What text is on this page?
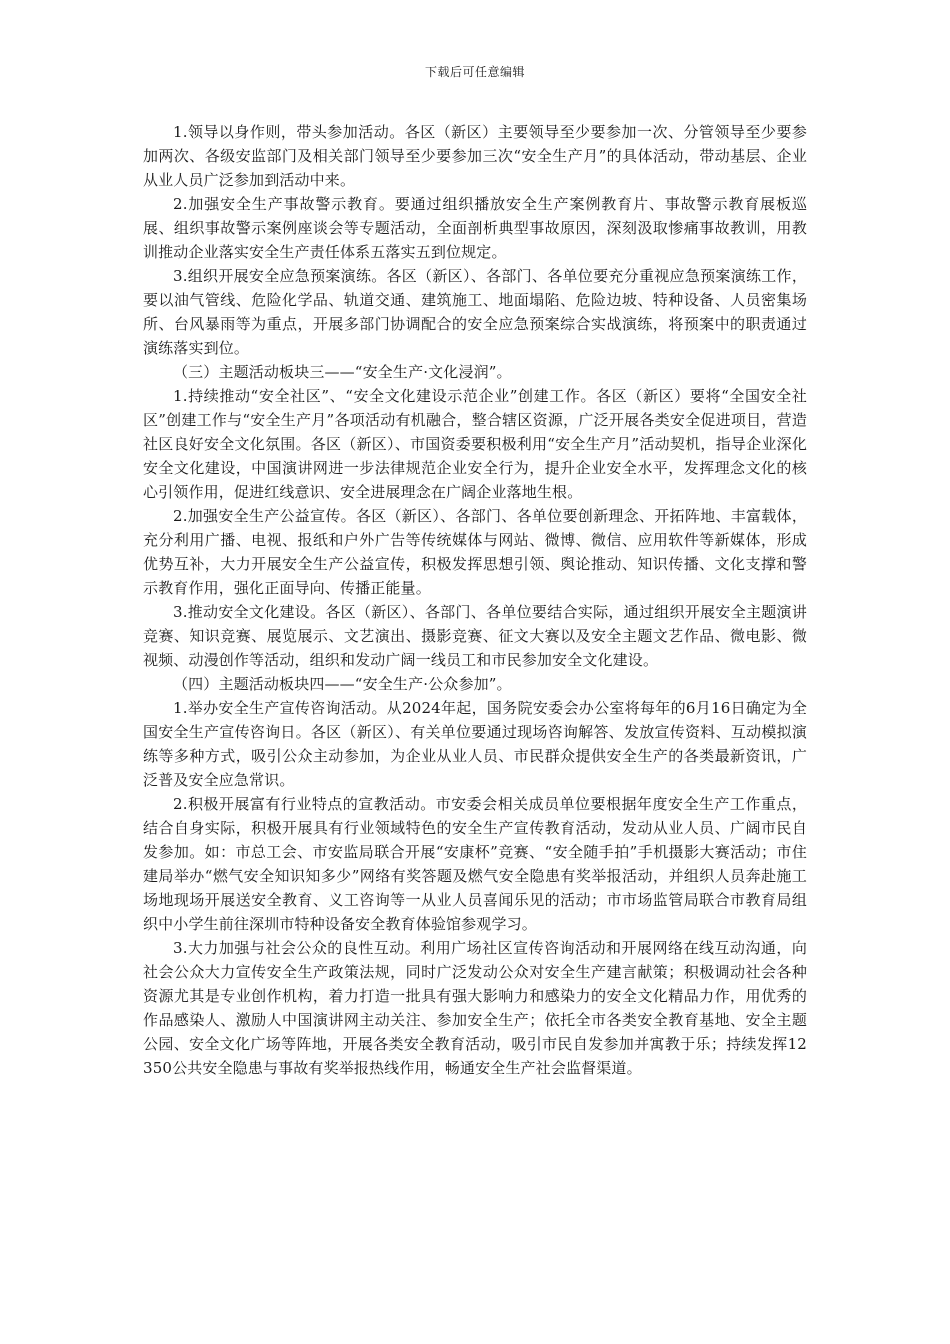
下载后可任意编辑

1.领导以身作则，带头参加活动。各区（新区）主要领导至少要参加一次、分管领导至少要参加两次、各级安监部门及相关部门领导至少要参加三次“安全生产月”的具体活动，带动基层、企业从业人员广泛参加到活动中来。

2.加强安全生产事故警示教育。要通过组织播放安全生产案例教育片、事故警示教育展板巡展、组织事故警示案例座谈会等专题活动，全面剖析典型事故原因，深刻汲取惨痛事故教训，用教训推动企业落实安全生产责任体系五落实五到位规定。

3.组织开展安全应急预案演练。各区（新区）、各部门、各单位要充分重视应急预案演练工作，要以油气管线、危险化学品、轨道交通、建筑施工、地面塌陷、危险边坡、特种设备、人员密集场所、台风暴雨等为重点，开展多部门协调配合的安全应急预案综合实战演练，将预案中的职责通过演练落实到位。

（三）主题活动板块三——“安全生产·文化浸润”。

1.持续推动“安全社区”、“安全文化建设示范企业”创建工作。各区（新区）要将“全国安全社区”创建工作与“安全生产月”各项活动有机融合，整合辖区资源，广泛开展各类安全促进项目，营造社区良好安全文化氛围。各区（新区）、市国资委要积极利用“安全生产月”活动契机，指导企业深化安全文化建设，中国演讲网进一步法律规范企业安全行为，提升企业安全水平，发挥理念文化的核心引领作用，促进红线意识、安全进展理念在广阔企业落地生根。

2.加强安全生产公益宣传。各区（新区）、各部门、各单位要创新理念、开拓阵地、丰富载体，充分利用广播、电视、报纸和户外广告等传统媒体与网站、微博、微信、应用软件等新媒体，形成优势互补，大力开展安全生产公益宣传，积极发挥思想引领、舆论推动、知识传播、文化支撑和警示教育作用，强化正面导向、传播正能量。

3.推动安全文化建设。各区（新区）、各部门、各单位要结合实际，通过组织开展安全主题演讲竞赛、知识竞赛、展览展示、文艺演出、摄影竞赛、征文大赛以及安全主题文艺作品、微电影、微视频、动漫创作等活动，组织和发动广阔一线员工和市民参加安全文化建设。

（四）主题活动板块四——“安全生产·公众参加”。

1.举办安全生产宣传咨询活动。从2024年起，国务院安委会办公室将每年的6月16日确定为全国安全生产宣传咨询日。各区（新区）、有关单位要通过现场咨询解答、发放宣传资料、互动模拟演练等多种方式，吸引公众主动参加，为企业从业人员、市民群众提供安全生产的各类最新资讯，广泛普及安全应急常识。

2.积极开展富有行业特点的宣教活动。市安委会相关成员单位要根据年度安全生产工作重点，结合自身实际，积极开展具有行业领域特色的安全生产宣传教育活动，发动从业人员、广阔市民自发参加。如：市总工会、市安监局联合开展“安康杯”竞赛、“安全随手拍”手机摄影大赛活动；市住建局举办“燃气安全知识知多少”网络有奖答题及燃气安全隐患有奖举报活动，并组织人员奔赴施工场地现场开展送安全教育、义工咨询等一从业人员喜闻乐见的活动；市市场监管局联合市教育局组织中小学生前往深圳市特种设备安全教育体验馆参观学习。

3.大力加强与社会公众的良性互动。利用广场社区宣传咨询活动和开展网络在线互动沟通，向社会公众大力宣传安全生产政策法规，同时广泛发动公众对安全生产建言献策；积极调动社会各种资源尤其是专业创作机构，着力打造一批具有强大影响力和感染力的安全文化精品力作，用优秀的作品感染人、激励人中国演讲网主动关注、参加安全生产；依托全市各类安全教育基地、安全主题公园、安全文化广场等阵地，开展各类安全教育活动，吸引市民自发参加并寓教于乐；持续发挥12350公共安全隐患与事故有奖举报热线作用，畅通安全生产社会监督渠道。
